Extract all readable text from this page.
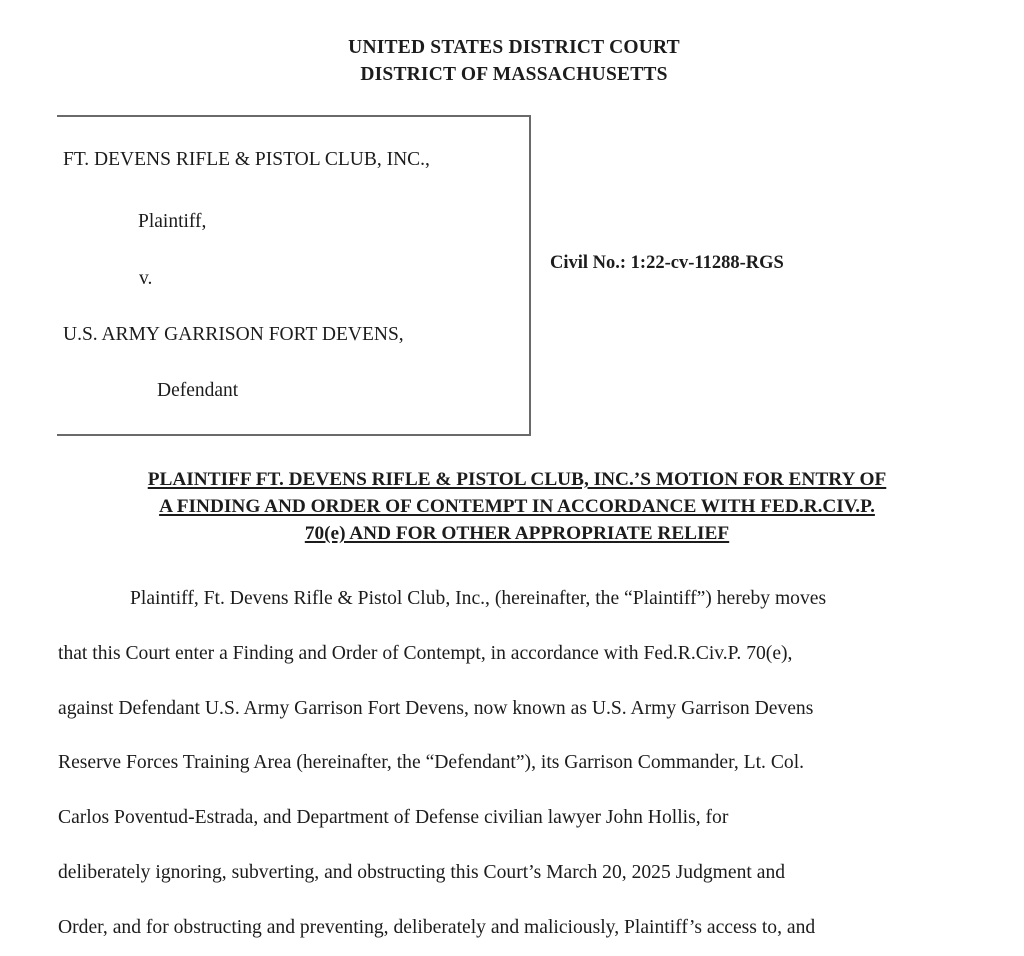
UNITED STATES DISTRICT COURT
DISTRICT OF MASSACHUSETTS
FT. DEVENS RIFLE & PISTOL CLUB, INC.,
Plaintiff,
v.
U.S. ARMY GARRISON FORT DEVENS,
Defendant
Civil No.: 1:22-cv-11288-RGS
PLAINTIFF FT. DEVENS RIFLE & PISTOL CLUB, INC.’S MOTION FOR ENTRY OF
A FINDING AND ORDER OF CONTEMPT IN ACCORDANCE WITH FED.R.CIV.P.
70(e) AND FOR OTHER APPROPRIATE RELIEF
Plaintiff, Ft. Devens Rifle & Pistol Club, Inc., (hereinafter, the “Plaintiff”) hereby moves
that this Court enter a Finding and Order of Contempt, in accordance with Fed.R.Civ.P. 70(e),
against Defendant U.S. Army Garrison Fort Devens, now known as U.S. Army Garrison Devens
Reserve Forces Training Area (hereinafter, the “Defendant”), its Garrison Commander, Lt. Col.
Carlos Poventud-Estrada, and Department of Defense civilian lawyer John Hollis, for
deliberately ignoring, subverting, and obstructing this Court’s March 20, 2025 Judgment and
Order, and for obstructing and preventing, deliberately and maliciously, Plaintiff’s access to, and
